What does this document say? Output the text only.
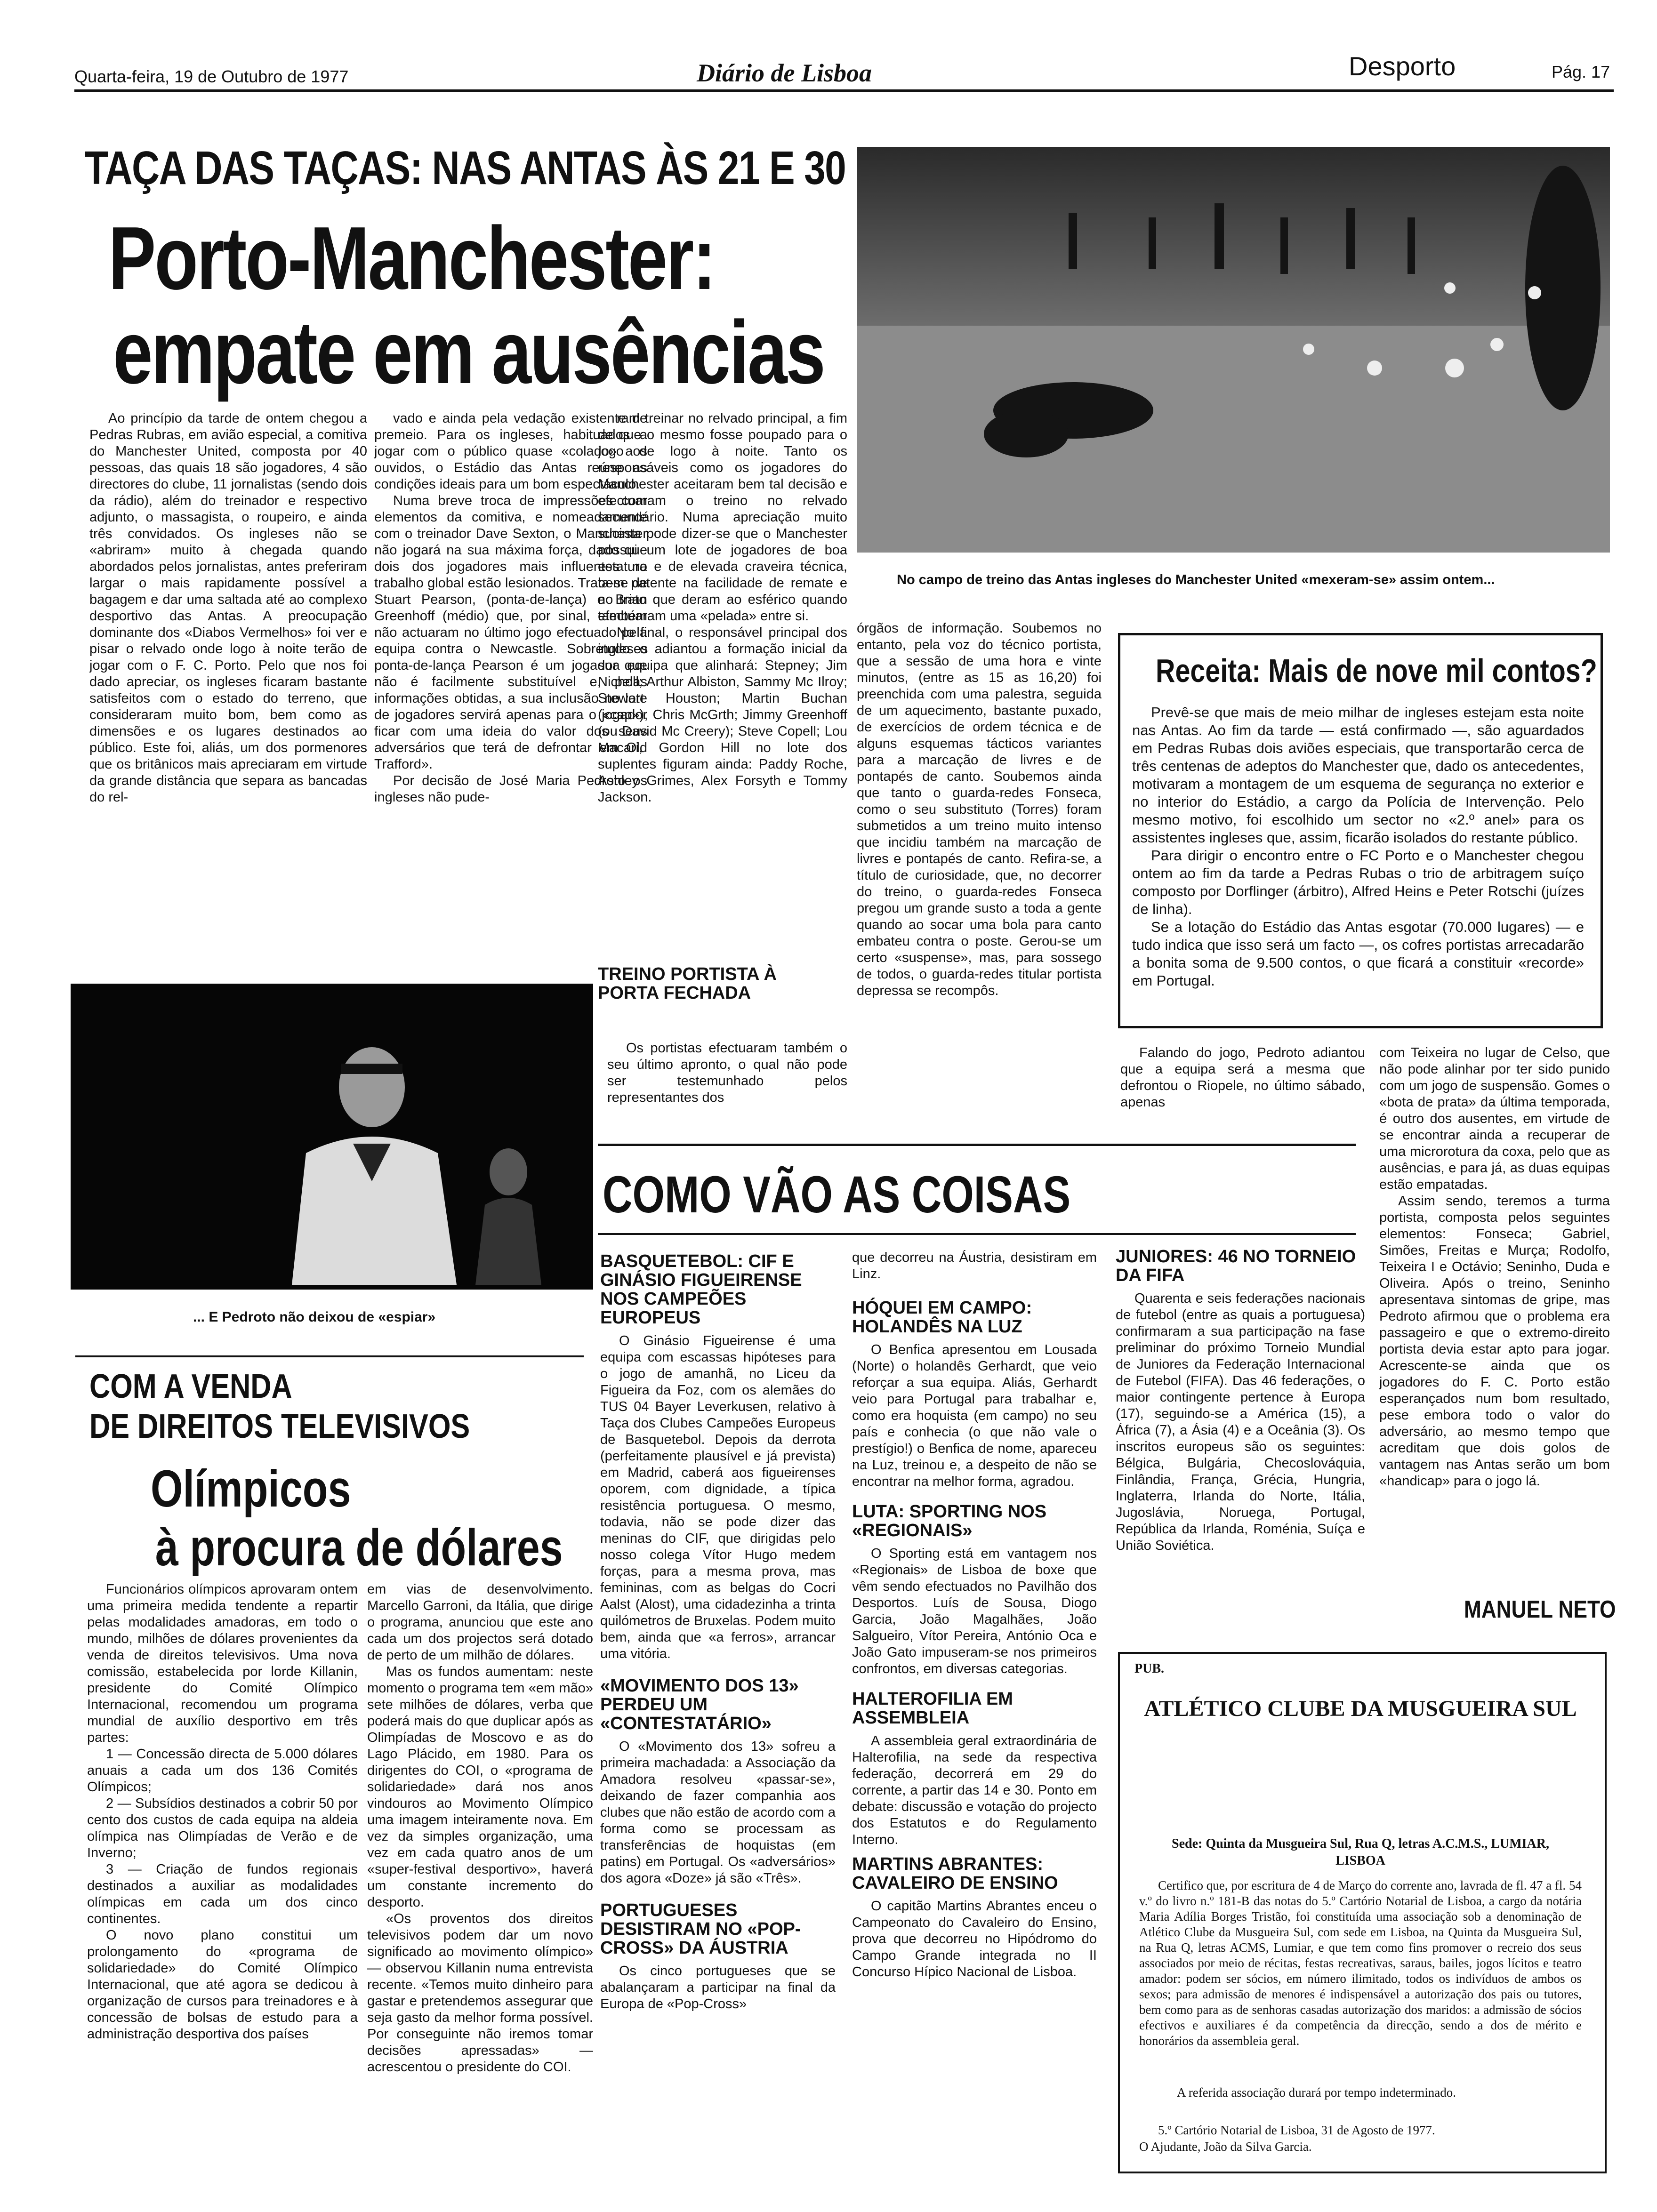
Quarta-feira, 19 de Outubro de 1977	Diário de Lisboa	Desporto	Pág. 17
TAÇA DAS TAÇAS: NAS ANTAS ÀS 21 E 30
Porto-Manchester:
empate em ausências
No campo de treino das Antas ingleses do Manchester United «mexeram-se» assim ontem...

Ao princípio da tarde de ontem chegou a Pedras Rubras, em avião especial, a comitiva do Manchester United, composta por 40 pessoas, das quais 18 são jogadores, 4 são directores do clube, 11 jornalistas (sendo dois da rádio), além do treinador e respectivo adjunto, o massagista, o roupeiro, e ainda três convidados. Os ingleses não se «abriram» muito à chegada quando abordados pelos jornalistas, antes preferiram largar o mais rapidamente possível a bagagem e dar uma saltada até ao complexo desportivo das Antas. A preocupação dominante dos «Diabos Vermelhos» foi ver e pisar o relvado onde logo à noite terão de jogar com o F. C. Porto. Pelo que nos foi dado apreciar, os ingleses ficaram bastante satisfeitos com o estado do terreno, que consideraram muito bom, bem como as dimensões e os lugares destinados ao público. Este foi, aliás, um dos pormenores que os britânicos mais apreciaram em virtude da grande distância que separa as bancadas do rel-

vado e ainda pela vedação existente de premeio. Para os ingleses, habituados a jogar com o público quase «colado» aos ouvidos, o Estádio das Antas reúne as condições ideais para um bom espectáculo.

Numa breve troca de impressões com elementos da comitiva, e nomeadamente com o treinador Dave Sexton, o Manchester não jogará na sua máxima força, dado que dois dos jogadores mais influentes no trabalho global estão lesionados. Trata-se de Stuart Pearson, (ponta-de-lança) e Brian Greenhoff (médio) que, por sinal, também não actuaram no último jogo efectuado pela equipa contra o Newcastle. Sobretudo o ponta-de-lança Pearson é um jogador que não é facilmente substituível e, pelas informações obtidas, a sua inclusão no lote de jogadores servirá apenas para o jogador ficar com uma ideia do valor dos seus adversários que terá de defrontar em Old Trafford».

Por decisão de José Maria Pedroto os ingleses não pude-

ram treinar no relvado principal, a fim de que o mesmo fosse poupado para o jogo de logo à noite. Tanto os responsáveis como os jogadores do Manchester aceitaram bem tal decisão e efectuaram o treino no relvado secundário. Numa apreciação muito sucinta pode dizer-se que o Manchester possui um lote de jogadores de boa estatura e de elevada craveira técnica, bem patente na facilidade de remate e no trato que deram ao esférico quando efectuaram uma «pelada» entre si.

No final, o responsável principal dos ingleses adiantou a formação inicial da sua equipa que alinhará: Stepney; Jim Nicholl; Arthur Albiston, Sammy Mc Ilroy; Stewart Houston; Martin Buchan («cap»), Chris McGrth; Jimmy Greenhoff (ou David Mc Creery); Steve Copell; Lou Macari, Gordon Hill no lote dos suplentes figuram ainda: Paddy Roche, Ashley Grimes, Alex Forsyth e Tommy Jackson.

TREINO PORTISTA À PORTA FECHADA

Os portistas efectuaram também o seu último apronto, o qual não pode ser testemunhado pelos representantes dos

órgãos de informação. Soubemos no entanto, pela voz do técnico portista, que a sessão de uma hora e vinte minutos, (entre as 15 as 16,20) foi preenchida com uma palestra, seguida de um aquecimento, bastante puxado, de exercícios de ordem técnica e de alguns esquemas tácticos variantes para a marcação de livres e de pontapés de canto. Soubemos ainda que tanto o guarda-redes Fonseca, como o seu substituto (Torres) foram submetidos a um treino muito intenso que incidiu também na marcação de livres e pontapés de canto. Refira-se, a título de curiosidade, que, no decorrer do treino, o guarda-redes Fonseca pregou um grande susto a toda a gente quando ao socar uma bola para canto embateu contra o poste. Gerou-se um certo «suspense», mas, para sossego de todos, o guarda-redes titular portista depressa se recompôs.

Falando do jogo, Pedroto adiantou que a equipa será a mesma que defrontou o Riopele, no último sábado, apenas

com Teixeira no lugar de Celso, que não pode alinhar por ter sido punido com um jogo de suspensão. Gomes o «bota de prata» da última temporada, é outro dos ausentes, em virtude de se encontrar ainda a recuperar de uma microrotura da coxa, pelo que as ausências, e para já, as duas equipas estão empatadas.

Assim sendo, teremos a turma portista, composta pelos seguintes elementos: Fonseca; Gabriel, Simões, Freitas e Murça; Rodolfo, Teixeira I e Octávio; Seninho, Duda e Oliveira. Após o treino, Seninho apresentava sintomas de gripe, mas Pedroto afirmou que o problema era passageiro e que o extremo-direito portista devia estar apto para jogar. Acrescente-se ainda que os jogadores do F. C. Porto estão esperançados num bom resultado, pese embora todo o valor do adversário, ao mesmo tempo que acreditam que dois golos de vantagem nas Antas serão um bom «handicap» para o jogo lá.

MANUEL NETO
Receita: Mais de nove mil contos?

Prevê-se que mais de meio milhar de ingleses estejam esta noite nas Antas. Ao fim da tarde — está confirmado —, são aguardados em Pedras Rubas dois aviões especiais, que transportarão cerca de três centenas de adeptos do Manchester que, dado os antecedentes, motivaram a montagem de um esquema de segurança no exterior e no interior do Estádio, a cargo da Polícia de Intervenção. Pelo mesmo motivo, foi escolhido um sector no «2.º anel» para os assistentes ingleses que, assim, ficarão isolados do restante público.

Para dirigir o encontro entre o FC Porto e o Manchester chegou ontem ao fim da tarde a Pedras Rubas o trio de arbitragem suíço composto por Dorflinger (árbitro), Alfred Heins e Peter Rotschi (juízes de linha).

Se a lotação do Estádio das Antas esgotar (70.000 lugares) — e tudo indica que isso será um facto —, os cofres portistas arrecadarão a bonita soma de 9.500 contos, o que ficará a constituir «recorde» em Portugal.

... E Pedroto não deixou de «espiar»
COM A VENDA
DE DIREITOS TELEVISIVOS
Olímpicos
à procura de dólares

Funcionários olímpicos aprovaram ontem uma primeira medida tendente a repartir pelas modalidades amadoras, em todo o mundo, milhões de dólares provenientes da venda de direitos televisivos. Uma nova comissão, estabelecida por lorde Killanin, presidente do Comité Olímpico Internacional, recomendou um programa mundial de auxílio desportivo em três partes:

1 — Concessão directa de 5.000 dólares anuais a cada um dos 136 Comités Olímpicos;

2 — Subsídios destinados a cobrir 50 por cento dos custos de cada equipa na aldeia olímpica nas Olimpíadas de Verão e de Inverno;

3 — Criação de fundos regionais destinados a auxiliar as modalidades olímpicas em cada um dos cinco continentes.

O novo plano constitui um prolongamento do «programa de solidariedade» do Comité Olímpico Internacional, que até agora se dedicou à organização de cursos para treinadores e à concessão de bolsas de estudo para a administração desportiva dos países

em vias de desenvolvimento. Marcello Garroni, da Itália, que dirige o programa, anunciou que este ano cada um dos projectos será dotado de perto de um milhão de dólares.

Mas os fundos aumentam: neste momento o programa tem «em mão» sete milhões de dólares, verba que poderá mais do que duplicar após as Olimpíadas de Moscovo e as do Lago Plácido, em 1980. Para os dirigentes do COI, o «programa de solidariedade» dará nos anos vindouros ao Movimento Olímpico uma imagem inteiramente nova. Em vez da simples organização, uma vez em cada quatro anos de um «super-festival desportivo», haverá um constante incremento do desporto.

«Os proventos dos direitos televisivos podem dar um novo significado ao movimento olímpico» — observou Killanin numa entrevista recente. «Temos muito dinheiro para gastar e pretendemos assegurar que seja gasto da melhor forma possível. Por conseguinte não iremos tomar decisões apressadas» — acrescentou o presidente do COI.

COMO VÃO AS COISAS
BASQUETEBOL: CIF E GINÁSIO FIGUEIRENSE NOS CAMPEÕES EUROPEUS

O Ginásio Figueirense é uma equipa com escassas hipóteses para o jogo de amanhã, no Liceu da Figueira da Foz, com os alemães do TUS 04 Bayer Leverkusen, relativo à Taça dos Clubes Campeões Europeus de Basquetebol. Depois da derrota (perfeitamente plausível e já prevista) em Madrid, caberá aos figueirenses oporem, com dignidade, a típica resistência portuguesa. O mesmo, todavia, não se pode dizer das meninas do CIF, que dirigidas pelo nosso colega Vítor Hugo medem forças, para a mesma prova, mas femininas, com as belgas do Cocri Aalst (Alost), uma cidadezinha a trinta quilómetros de Bruxelas. Podem muito bem, ainda que «a ferros», arrancar uma vitória.

«MOVIMENTO DOS 13» PERDEU UM «CONTESTATÁRIO»

O «Movimento dos 13» sofreu a primeira machadada: a Associação da Amadora resolveu «passar-se», deixando de fazer companhia aos clubes que não estão de acordo com a forma como se processam as transferências de hoquistas (em patins) em Portugal. Os «adversários» dos agora «Doze» já são «Três».

PORTUGUESES DESISTIRAM NO «POP-CROSS» DA ÁUSTRIA

Os cinco portugueses que se abalançaram a participar na final da Europa de «Pop-Cross»

que decorreu na Áustria, desistiram em Linz.

HÓQUEI EM CAMPO: HOLANDÊS NA LUZ

O Benfica apresentou em Lousada (Norte) o holandês Gerhardt, que veio reforçar a sua equipa. Aliás, Gerhardt veio para Portugal para trabalhar e, como era hoquista (em campo) no seu país e conhecia (o que não vale o prestígio!) o Benfica de nome, apareceu na Luz, treinou e, a despeito de não se encontrar na melhor forma, agradou.

LUTA: SPORTING NOS «REGIONAIS»

O Sporting está em vantagem nos «Regionais» de Lisboa de boxe que vêm sendo efectuados no Pavilhão dos Desportos. Luís de Sousa, Diogo Garcia, João Magalhães, João Salgueiro, Vítor Pereira, António Oca e João Gato impuseram-se nos primeiros confrontos, em diversas categorias.

HALTEROFILIA EM ASSEMBLEIA

A assembleia geral extraordinária de Halterofilia, na sede da respectiva federação, decorrerá em 29 do corrente, a partir das 14 e 30. Ponto em debate: discussão e votação do projecto dos Estatutos e do Regulamento Interno.

MARTINS ABRANTES: CAVALEIRO DE ENSINO

O capitão Martins Abrantes enceu o Campeonato do Cavaleiro do Ensino, prova que decorreu no Hipódromo do Campo Grande integrada no II Concurso Hípico Nacional de Lisboa.

JUNIORES: 46 NO TORNEIO DA FIFA

Quarenta e seis federações nacionais de futebol (entre as quais a portuguesa) confirmaram a sua participação na fase preliminar do próximo Torneio Mundial de Juniores da Federação Internacional de Futebol (FIFA). Das 46 federações, o maior contingente pertence à Europa (17), seguindo-se a América (15), a África (7), a Ásia (4) e a Oceânia (3). Os inscritos europeus são os seguintes: Bélgica, Bulgária, Checoslováquia, Finlândia, França, Grécia, Hungria, Inglaterra, Irlanda do Norte, Itália, Jugoslávia, Noruega, Portugal, República da Irlanda, Roménia, Suíça e União Soviética.

PUB.
ATLÉTICO CLUBE DA MUSGUEIRA SUL
Sede: Quinta da Musgueira Sul, Rua Q, letras A.C.M.S., LUMIAR, LISBOA
Certifico que, por escritura de 4 de Março do corrente ano, lavrada de fl. 47 a fl. 54 v.º do livro n.º 181-B das notas do 5.º Cartório Notarial de Lisboa, a cargo da notária Maria Adília Borges Tristão, foi constituída uma associação sob a denominação de Atlético Clube da Musgueira Sul, com sede em Lisboa, na Quinta da Musgueira Sul, na Rua Q, letras ACMS, Lumiar, e que tem como fins promover o recreio dos seus associados por meio de récitas, festas recreativas, saraus, bailes, jogos lícitos e teatro amador: podem ser sócios, em número ilimitado, todos os indivíduos de ambos os sexos; para admissão de menores é indispensável a autorização dos pais ou tutores, bem como para as de senhoras casadas autorização dos maridos: a admissão de sócios efectivos e auxiliares é da competência da direcção, sendo a dos de mérito e honorários da assembleia geral.
A referida associação durará por tempo indeterminado.
5.º Cartório Notarial de Lisboa, 31 de Agosto de 1977.
O Ajudante, João da Silva Garcia.
